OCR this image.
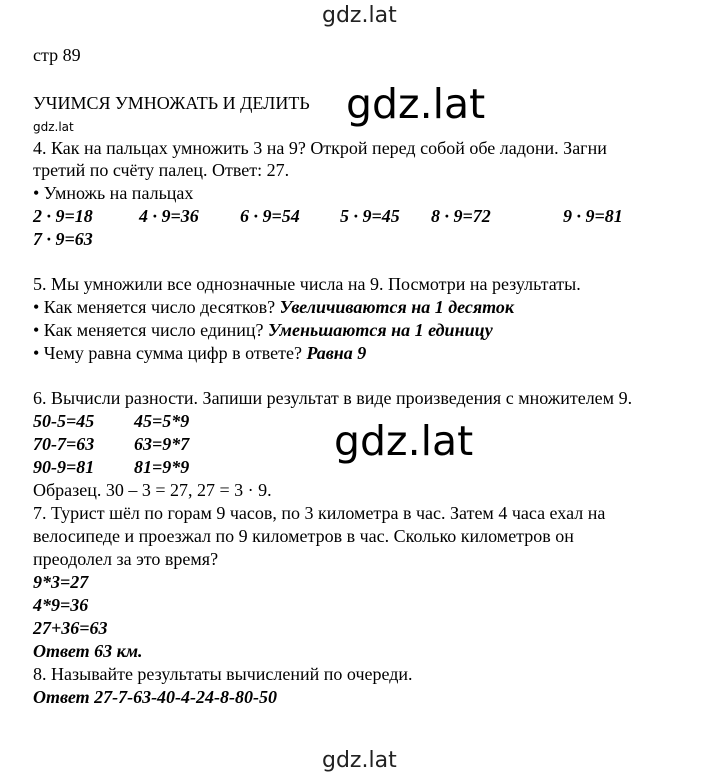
gdz.lat
gdz.lat
gdz.lat
gdz.lat
gdz.lat
стр 89
УЧИМСЯ УМНОЖАТЬ И ДЕЛИТЬ
4. Как на пальцах умножить 3 на 9? Открой перед собой обе ладони. Загни
третий по счёту палец. Ответ: 27.
• Умножь на пальцах
2 · 9=18	4 · 9=36 6 · 9=54 5 · 9=45 8 · 9=72	9 · 9=81
7 · 9=63
5. Мы умножили все однозначные числа на 9. Посмотри на результаты.
• Как меняется число десятков? Увеличиваются на 1 десяток
• Как меняется число единиц? Уменьшаются на 1 единицу
• Чему равна сумма цифр в ответе? Равна 9
6. Вычисли разности. Запиши результат в виде произведения с множителем 9.
50-5=45 45=5*9
70-7=63 63=9*7
90-9=81 81=9*9
Образец. 30 – 3 = 27, 27 = 3 · 9.
7. Турист шёл по горам 9 часов, по 3 километра в час. Затем 4 часа ехал на
велосипеде и проезжал по 9 километров в час. Сколько километров он
преодолел за это время?
9*3=27
4*9=36
27+36=63
Ответ 63 км.
8. Называйте результаты вычислений по очереди.
Ответ 27-7-63-40-4-24-8-80-50
